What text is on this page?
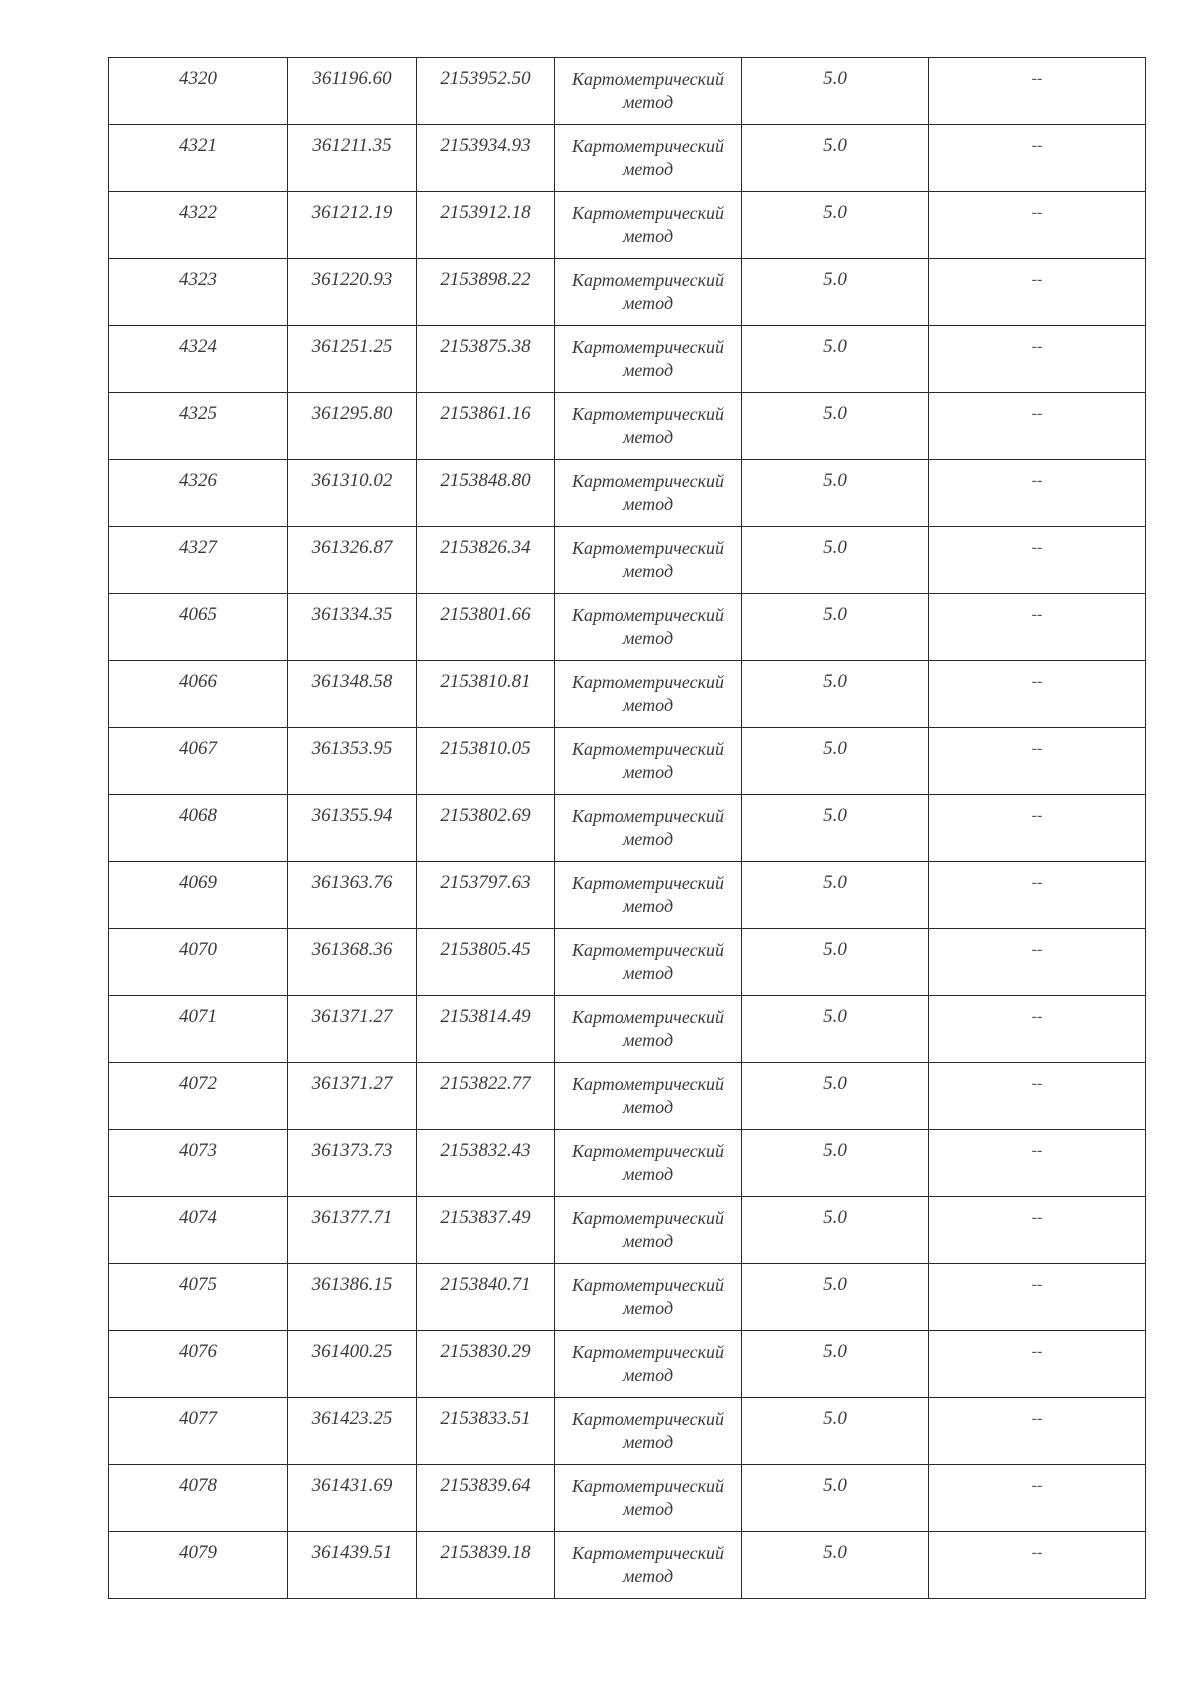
4320	361196.60	2153952.50	Картометрический
метод	5.0	--

4321	361211.35	2153934.93	Картометрический
метод	5.0	--

4322	361212.19	2153912.18	Картометрический
метод	5.0	--

4323	361220.93	2153898.22	Картометрический
метод	5.0	--

4324	361251.25	2153875.38	Картометрический
метод	5.0	--

4325	361295.80	2153861.16	Картометрический
метод	5.0	--

4326	361310.02	2153848.80	Картометрический
метод	5.0	--

4327	361326.87	2153826.34	Картометрический
метод	5.0	--

4065	361334.35	2153801.66	Картометрический
метод	5.0	--

4066	361348.58	2153810.81	Картометрический
метод	5.0	--

4067	361353.95	2153810.05	Картометрический
метод	5.0	--

4068	361355.94	2153802.69	Картометрический
метод	5.0	--

4069	361363.76	2153797.63	Картометрический
метод	5.0	--

4070	361368.36	2153805.45	Картометрический
метод	5.0	--

4071	361371.27	2153814.49	Картометрический
метод	5.0	--

4072	361371.27	2153822.77	Картометрический
метод	5.0	--

4073	361373.73	2153832.43	Картометрический
метод	5.0	--

4074	361377.71	2153837.49	Картометрический
метод	5.0	--

4075	361386.15	2153840.71	Картометрический
метод	5.0	--

4076	361400.25	2153830.29	Картометрический
метод	5.0	--

4077	361423.25	2153833.51	Картометрический
метод	5.0	--

4078	361431.69	2153839.64	Картометрический
метод	5.0	--

4079	361439.51	2153839.18	Картометрический
метод	5.0	--
